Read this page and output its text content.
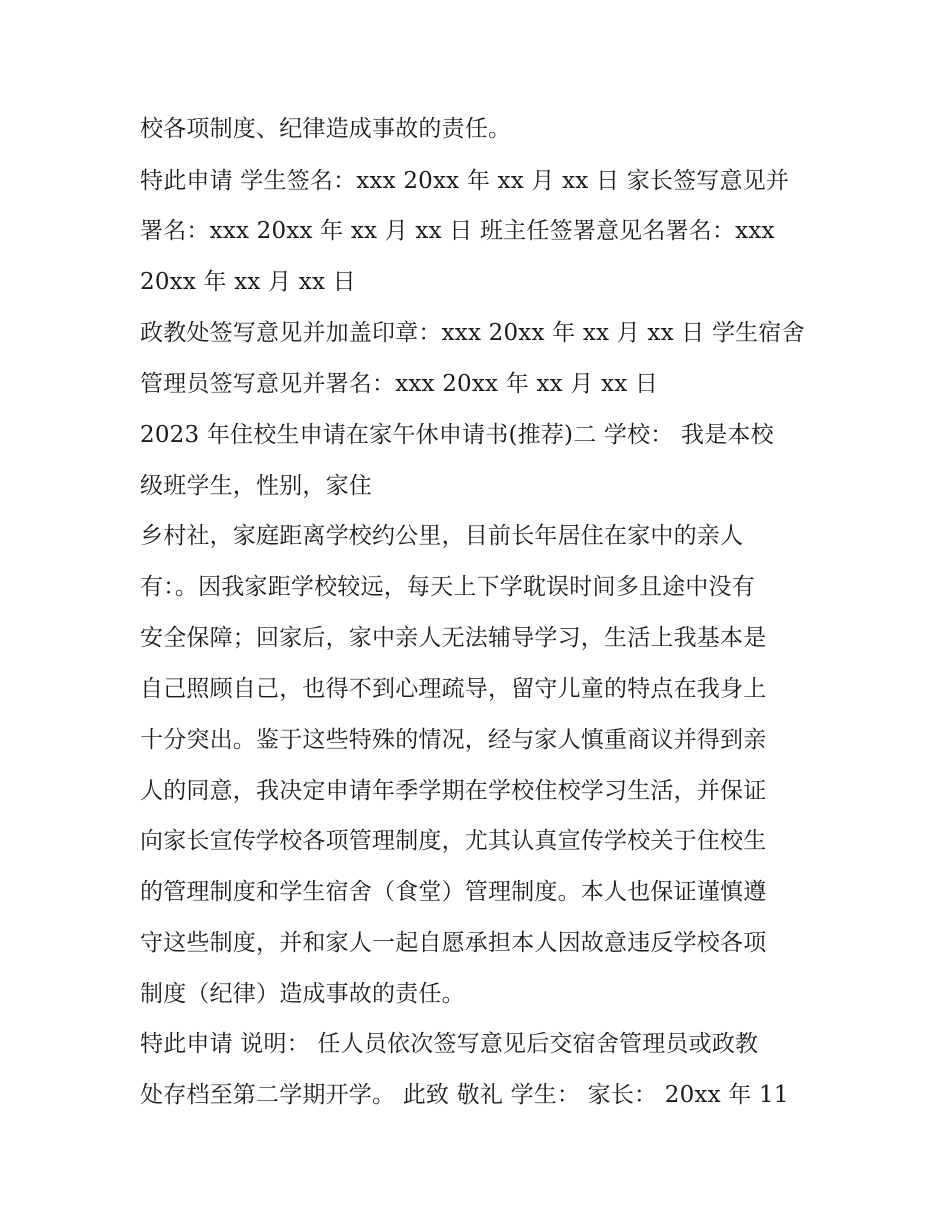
校各项制度、纪律造成事故的责任。
特此申请 学生签名：xxx 20xx 年 xx 月 xx 日 家长签写意见并
署名：xxx 20xx 年 xx 月 xx 日 班主任签署意见名署名：xxx
20xx 年 xx 月 xx 日
政教处签写意见并加盖印章：xxx 20xx 年 xx 月 xx 日 学生宿舍
管理员签写意见并署名：xxx 20xx 年 xx 月 xx 日
2023 年住校生申请在家午休申请书(推荐)二 学校： 我是本校
级班学生，性别，家住
乡村社，家庭距离学校约公里，目前长年居住在家中的亲人
有：。因我家距学校较远，每天上下学耽误时间多且途中没有
安全保障；回家后，家中亲人无法辅导学习，生活上我基本是
自己照顾自己，也得不到心理疏导，留守儿童的特点在我身上
十分突出。鉴于这些特殊的情况，经与家人慎重商议并得到亲
人的同意，我决定申请年季学期在学校住校学习生活，并保证
向家长宣传学校各项管理制度，尤其认真宣传学校关于住校生
的管理制度和学生宿舍（食堂）管理制度。本人也保证谨慎遵
守这些制度，并和家人一起自愿承担本人因故意违反学校各项
制度（纪律）造成事故的责任。
特此申请 说明： 任人员依次签写意见后交宿舍管理员或政教
处存档至第二学期开学。 此致 敬礼 学生： 家长： 20xx 年 11
